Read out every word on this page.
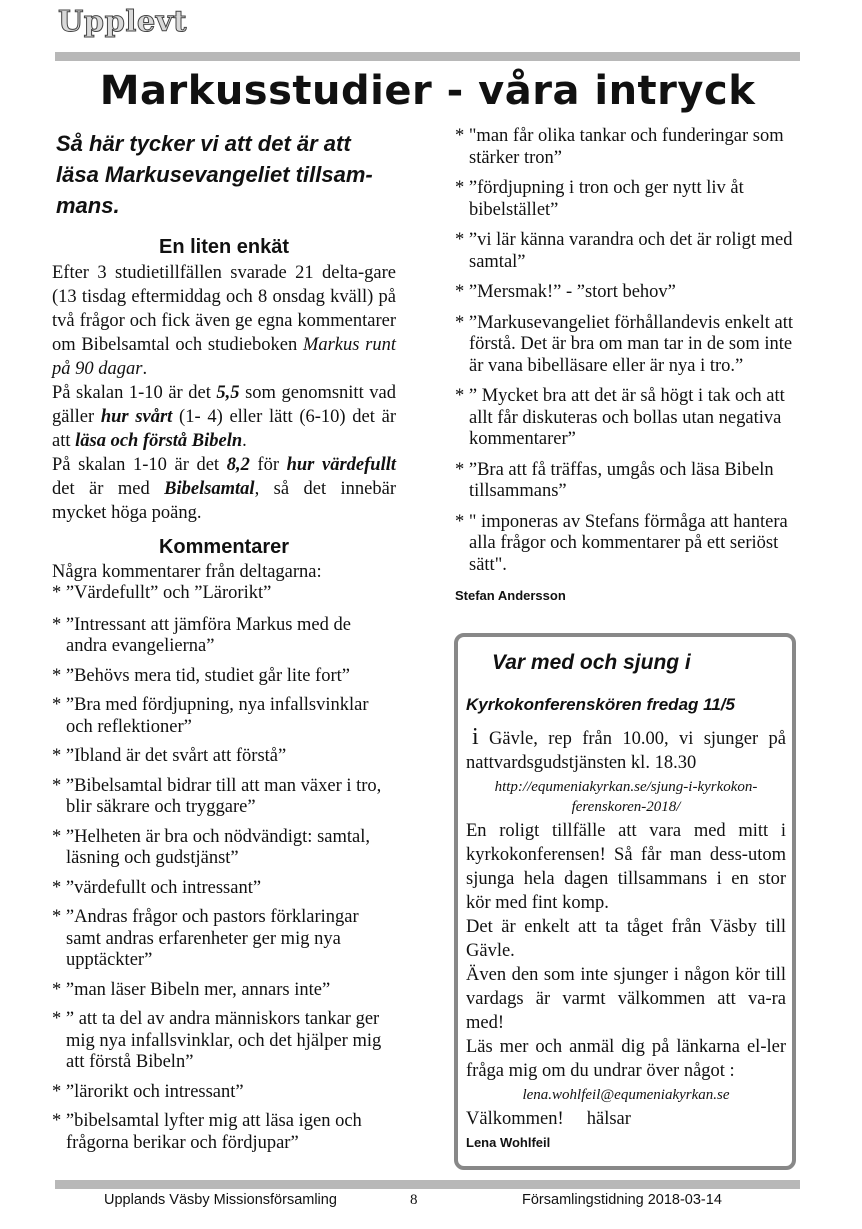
Upplevt
Markusstudier - våra intryck

Så här tycker vi att det är att läsa Markusevangeliet tillsam-mans.

En liten enkät

Efter 3 studietillfällen svarade 21 delta-gare (13 tisdag eftermiddag och 8 onsdag kväll) på två frågor och fick även ge egna kommentarer om Bibelsamtal och studieboken Markus runt på 90 dagar.

På skalan 1-10 är det 5,5 som genomsnitt vad gäller hur svårt (1- 4) eller lätt (6-10) det är att läsa och förstå Bibeln.

På skalan 1-10 är det 8,2 för hur värdefullt det är med Bibelsamtal, så det innebär mycket höga poäng.

Kommentarer

Några kommentarer från deltagarna:

* ”Värdefullt” och ”Lärorikt”
* ”Intressant att jämföra Markus med de andra evangelierna”
* ”Behövs mera tid, studiet går lite fort”
* ”Bra med fördjupning, nya infallsvinklar och reflektioner”
* ”Ibland är det svårt att förstå”
* ”Bibelsamtal bidrar till att man växer i tro, blir säkrare och tryggare”
* ”Helheten är bra och nödvändigt: samtal, läsning och gudstjänst”
* ”värdefullt och intressant”
* ”Andras frågor och pastors förklaringar samt andras erfarenheter ger mig nya upptäckter”
* ”man läser Bibeln mer, annars inte”
* ” att ta del av andra människors tankar ger mig nya infallsvinklar, och det hjälper mig att förstå Bibeln”
* ”lärorikt och intressant”
* ”bibelsamtal lyfter mig att läsa igen och frågorna berikar och fördjupar”
* "man får olika tankar och funderingar som stärker tron”
* ”fördjupning i tron och ger nytt liv åt bibelstället”
* ”vi lär känna varandra och det är roligt med samtal”
* ”Mersmak!” - ”stort behov”
* ”Markusevangeliet förhållandevis enkelt att förstå. Det är bra om man tar in de som inte är vana bibelläsare eller är nya i tro.”
* ” Mycket bra att det är så högt i tak och att allt får diskuteras och bollas utan negativa kommentarer”
* ”Bra att få träffas, umgås och läsa Bibeln tillsammans”
* " imponeras av Stefans förmåga att hantera alla frågor och kommentarer på ett seriöst sätt".
Stefan Andersson

Var med och sjung i

Kyrkokonferenskören fredag 11/5

i Gävle, rep från 10.00, vi sjunger på nattvardsgudstjänsten kl. 18.30

http://equmeniakyrkan.se/sjung-i-kyrkokon-ferenskoren-2018/

En roligt tillfälle att vara med mitt i kyrkokonferensen! Så får man dess-utom sjunga hela dagen tillsammans i en stor kör med fint komp.

Det är enkelt att ta tåget från Väsby till Gävle.

Även den som inte sjunger i någon kör till vardags är varmt välkommen att va-ra med!

Läs mer och anmäl dig på länkarna el-ler fråga mig om du undrar över något :

lena.wohlfeil@equmeniakyrkan.se

Välkommen!     hälsar

Lena Wohlfeil
Upplands Väsby Missionsförsamling	8	Församlingstidning 2018-03-14
